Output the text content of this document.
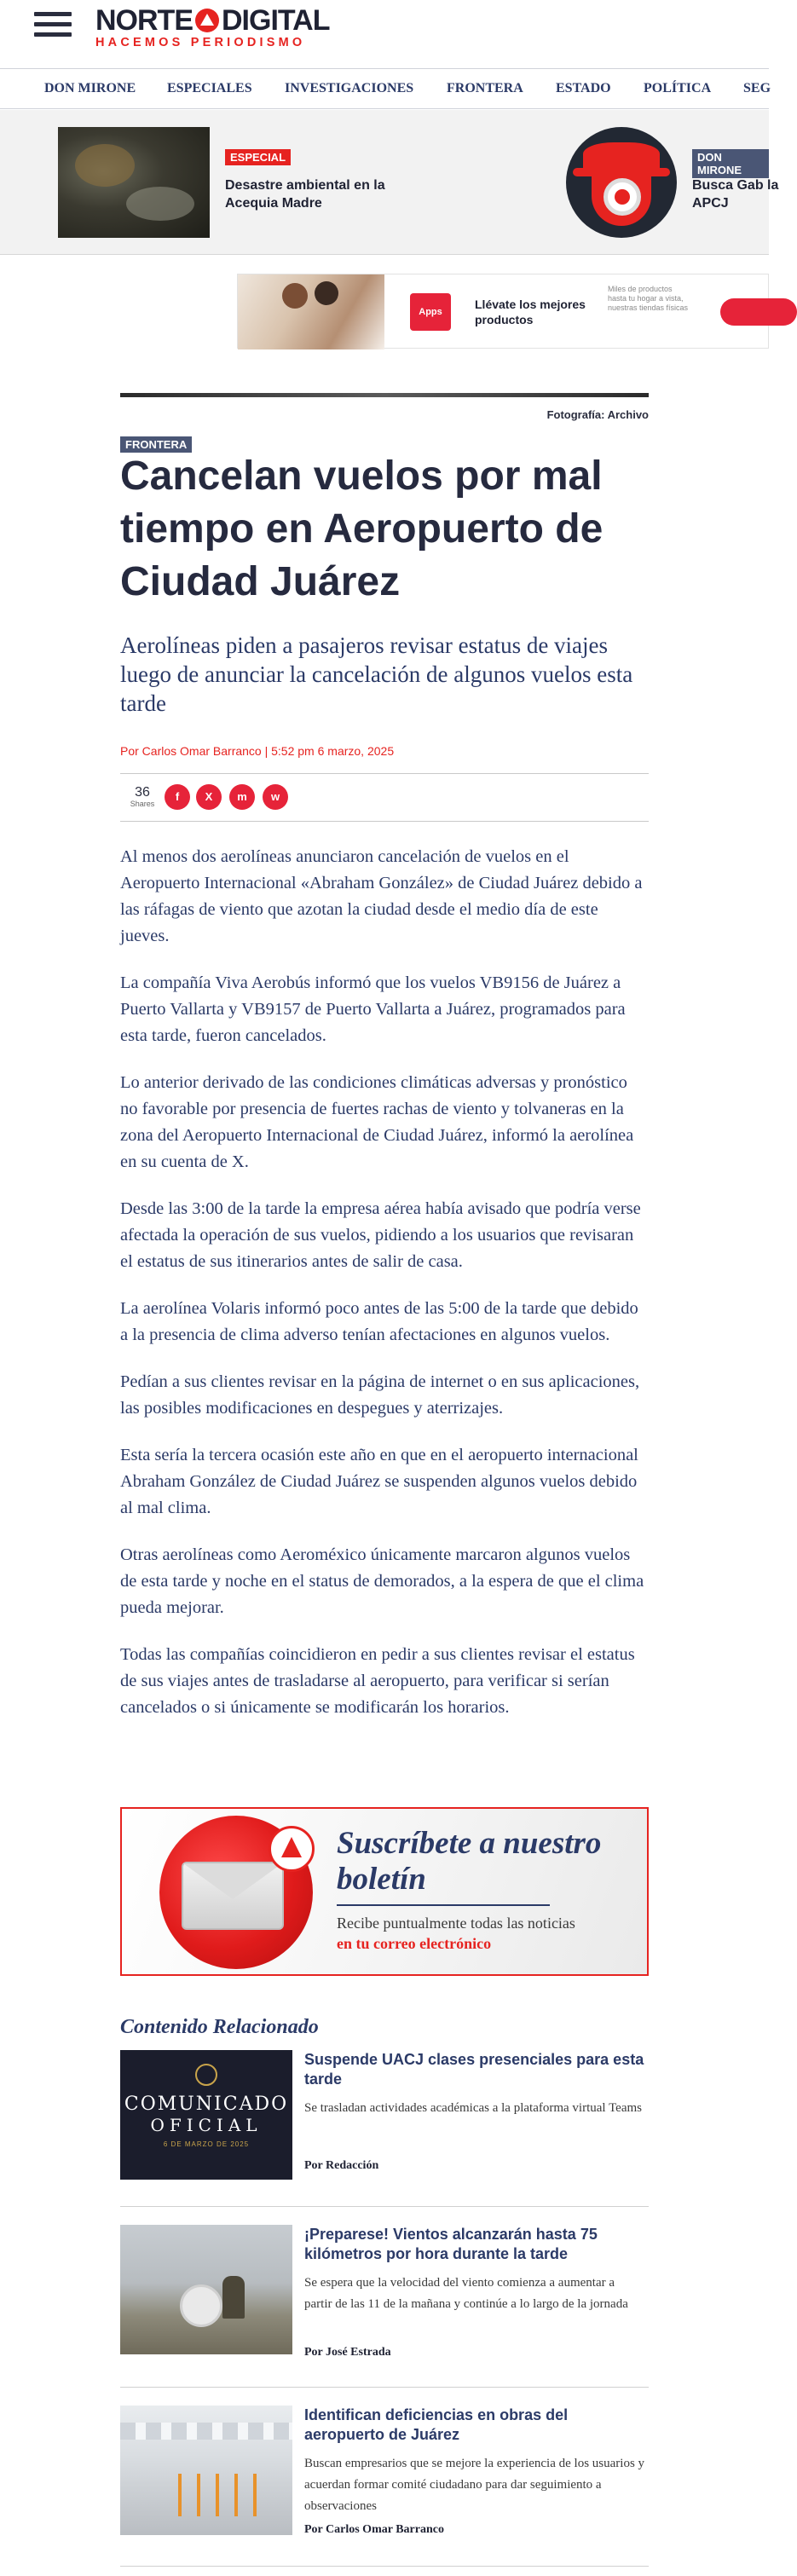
NORTE DIGITAL
HACEMOS PERIODISMO
DON MIRONE ESPECIALES INVESTIGACIONES FRONTERA ESTADO POLÍTICA SEG
ESPECIAL
Desastre ambiental en la Acequia Madre
DON MIRONE
Busca Gab la APCJ
Apps
Llévate los mejores productos
Miles de productos hasta tu hogar a vista, nuestras tiendas físicas
Fotografía: Archivo
FRONTERA
Cancelan vuelos por mal tiempo en Aeropuerto de Ciudad Juárez
Aerolíneas piden a pasajeros revisar estatus de viajes luego de anunciar la cancelación de algunos vuelos esta tarde
Por Carlos Omar Barranco | 5:52 pm 6 marzo, 2025
36
Shares
f	X	m	w

Al menos dos aerolíneas anunciaron cancelación de vuelos en el Aeropuerto Internacional «Abraham González» de Ciudad Juárez debido a las ráfagas de viento que azotan la ciudad desde el medio día de este jueves.

La compañía Viva Aerobús informó que los vuelos VB9156 de Juárez a Puerto Vallarta y VB9157 de Puerto Vallarta a Juárez, programados para esta tarde, fueron cancelados.

Lo anterior derivado de las condiciones climáticas adversas y pronóstico no favorable por presencia de fuertes rachas de viento y tolvaneras en la zona del Aeropuerto Internacional de Ciudad Juárez, informó la aerolínea en su cuenta de X.

Desde las 3:00 de la tarde la empresa aérea había avisado que podría verse afectada la operación de sus vuelos, pidiendo a los usuarios que revisaran el estatus de sus itinerarios antes de salir de casa.

La aerolínea Volaris informó poco antes de las 5:00 de la tarde que debido a la presencia de clima adverso tenían afectaciones en algunos vuelos.

Pedían a sus clientes revisar en la página de internet o en sus aplicaciones, las posibles modificaciones en despegues y aterrizajes.

Esta sería la tercera ocasión este año en que en el aeropuerto internacional Abraham González de Ciudad Juárez se suspenden algunos vuelos debido al mal clima.

Otras aerolíneas como Aeroméxico únicamente marcaron algunos vuelos de esta tarde y noche en el status de demorados, a la espera de que el clima pueda mejorar.

Todas las compañías coincidieron en pedir a sus clientes revisar el estatus de sus viajes antes de trasladarse al aeropuerto, para verificar si serían cancelados o si únicamente se modificarán los horarios.

Suscríbete a nuestro boletín
Recibe puntualmente todas las noticias
en tu correo electrónico
Contenido Relacionado
COMUNICADO
OFICIAL
6 DE MARZO DE 2025
Suspende UACJ clases presenciales para esta tarde
Se trasladan actividades académicas a la plataforma virtual Teams
Por Redacción
¡Preparese! Vientos alcanzarán hasta 75 kilómetros por hora durante la tarde
Se espera que la velocidad del viento comienza a aumentar a partir de las 11 de la mañana y continúe a lo largo de la jornada
Por José Estrada
Identifican deficiencias en obras del aeropuerto de Juárez
Buscan empresarios que se mejore la experiencia de los usuarios y acuerdan formar comité ciudadano para dar seguimiento a observaciones
Por Carlos Omar Barranco
